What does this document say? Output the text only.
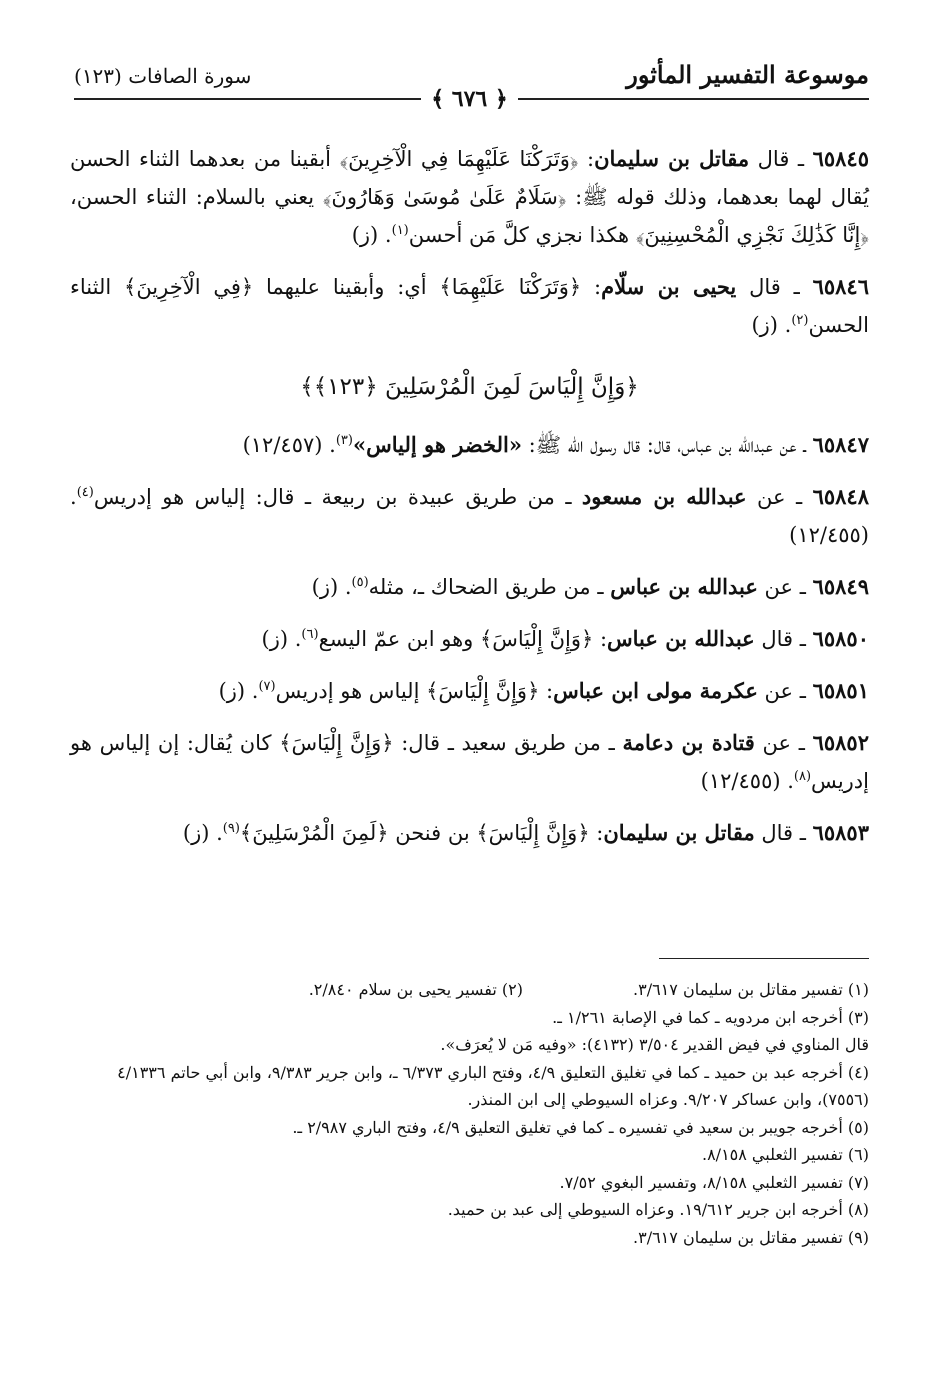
موسوعة التفسير المأثور
سورة الصافات (١٢٣)
﴿ ٦٧٦ ﴾

٦٥٨٤٥ ـ قال مقاتل بن سليمان: ﴿وَتَرَكْنَا عَلَيْهِمَا فِي الْآخِرِينَ﴾ أبقينا من بعدهما الثناء الحسن يُقال لهما بعدهما، وذلك قوله ﷺ: ﴿سَلَامٌ عَلَىٰ مُوسَىٰ وَهَارُونَ﴾ يعني بالسلام: الثناء الحسن، ﴿إِنَّا كَذَٰلِكَ نَجْزِي الْمُحْسِنِينَ﴾ هكذا نجزي كلَّ مَن أحسن$^{(١)}$. (ز)

٦٥٨٤٦ ـ قال يحيى بن سلّام: ﴿وَتَرَكْنَا عَلَيْهِمَا﴾ أي: وأبقينا عليهما ﴿فِي الْآخِرِينَ﴾ الثناء الحسن$^{(٢)}$. (ز)

﴿وَإِنَّ إِلْيَاسَ لَمِنَ الْمُرْسَلِينَ ﴿١٢٣﴾﴾

٦٥٨٤٧ ـ عن عبدالله بن عباس، قال: قال رسول الله ﷺ: «الخضر هو إلياس»$^{(٣)}$. (١٢/٤٥٧)

٦٥٨٤٨ ـ عن عبدالله بن مسعود ـ من طريق عبيدة بن ربيعة ـ قال: إلياس هو إدريس$^{(٤)}$. (١٢/٤٥٥)

٦٥٨٤٩ ـ عن عبدالله بن عباس ـ من طريق الضحاك ـ، مثله$^{(٥)}$. (ز)

٦٥٨٥٠ ـ قال عبدالله بن عباس: ﴿وَإِنَّ إِلْيَاسَ﴾ وهو ابن عمّ اليسع$^{(٦)}$. (ز)

٦٥٨٥١ ـ عن عكرمة مولى ابن عباس: ﴿وَإِنَّ إِلْيَاسَ﴾ إلياس هو إدريس$^{(٧)}$. (ز)

٦٥٨٥٢ ـ عن قتادة بن دعامة ـ من طريق سعيد ـ قال: ﴿وَإِنَّ إِلْيَاسَ﴾ كان يُقال: إن إلياس هو إدريس$^{(٨)}$. (١٢/٤٥٥)

٦٥٨٥٣ ـ قال مقاتل بن سليمان: ﴿وَإِنَّ إِلْيَاسَ﴾ بن فنحن ﴿لَمِنَ الْمُرْسَلِينَ﴾$^{(٩)}$. (ز)

(١) تفسير مقاتل بن سليمان ٣/٦١٧.
(٢) تفسير يحيى بن سلام ٢/٨٤٠.

(٣) أخرجه ابن مردويه ـ كما في الإصابة ١/٢٦١ ـ.

قال المناوي في فيض القدير ٣/٥٠٤ (٤١٣٢): «وفيه مَن لا يُعرَف».

(٤) أخرجه عبد بن حميد ـ كما في تغليق التعليق ٤/٩، وفتح الباري ٦/٣٧٣ ـ، وابن جرير ٩/٣٨٣، وابن أبي حاتم ٤/١٣٣٦ (٧٥٥٦)، وابن عساكر ٩/٢٠٧. وعزاه السيوطي إلى ابن المنذر.

(٥) أخرجه جويبر بن سعيد في تفسيره ـ كما في تغليق التعليق ٤/٩، وفتح الباري ٢/٩٨٧ ـ.

(٦) تفسير الثعلبي ٨/١٥٨.

(٧) تفسير الثعلبي ٨/١٥٨، وتفسير البغوي ٧/٥٢.

(٨) أخرجه ابن جرير ١٩/٦١٢. وعزاه السيوطي إلى عبد بن حميد.

(٩) تفسير مقاتل بن سليمان ٣/٦١٧.
